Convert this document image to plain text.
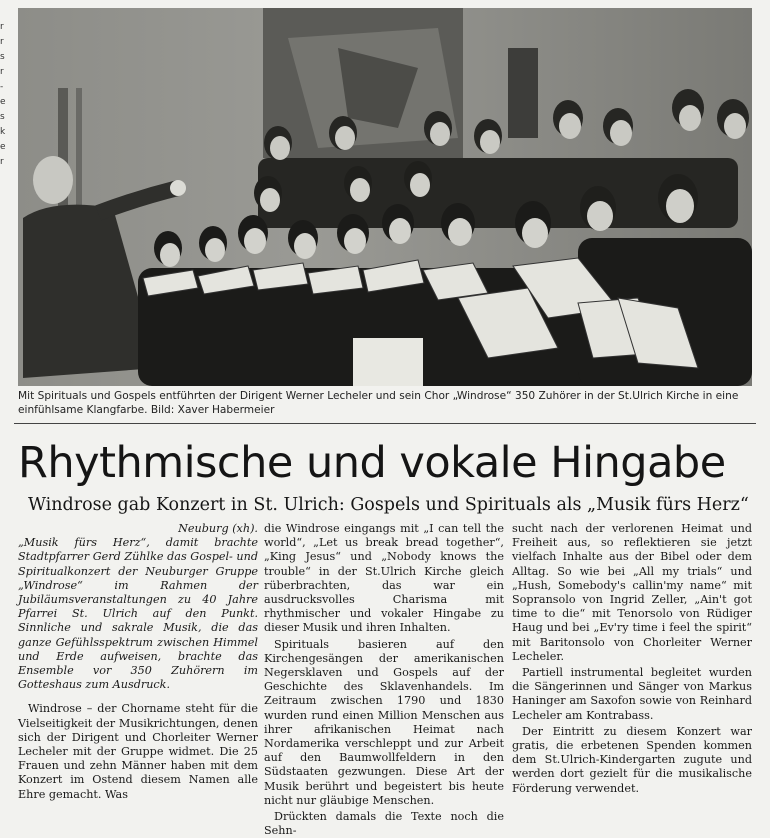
r
r
s
r
-
e
s
k
e
r
Mit Spirituals und Gospels entführten der Dirigent Werner Lecheler und sein Chor „Windrose“ 350 Zuhörer in der St.Ulrich Kirche in eine einfühlsame Klangfarbe. Bild: Xaver Habermeier
Rhythmische und vokale Hingabe
Windrose gab Konzert in St. Ulrich: Gospels und Spirituals als „Musik fürs Herz“

Neuburg (xh).

„Musik fürs Herz“, damit brachte Stadtpfarrer Gerd Zühlke das Gospel- und Spiritualkonzert der Neuburger Gruppe „Windrose“ im Rahmen der Jubiläumsveranstaltungen zu 40 Jahre Pfarrei St. Ulrich auf den Punkt. Sinnliche und sakrale Musik, die das ganze Gefühlsspektrum zwischen Himmel und Erde aufweisen, brachte das Ensemble vor 350 Zuhörern im Gotteshaus zum Ausdruck.

Windrose – der Chorname steht für die Vielseitigkeit der Musikrichtungen, denen sich der Dirigent und Chorleiter Werner Lecheler mit der Gruppe widmet. Die 25 Frauen und zehn Männer haben mit dem Konzert im Ostend diesem Namen alle Ehre gemacht. Was

die Windrose eingangs mit „I can tell the world“, „Let us break bread together“, „King Jesus“ und „Nobody knows the trouble“ in der St.Ulrich Kirche gleich rüberbrachten, das war ein ausdrucksvolles Charisma mit rhythmischer und vokaler Hingabe zu dieser Musik und ihren Inhalten.

Spirituals basieren auf den Kirchengesängen der amerikanischen Negersklaven und Gospels auf der Geschichte des Sklavenhandels. Im Zeitraum zwischen 1790 und 1830 wurden rund einen Million Menschen aus ihrer afrikanischen Heimat nach Nordamerika verschleppt und zur Arbeit auf den Baumwollfeldern in den Südstaaten gezwungen. Diese Art der Musik berührt und begeistert bis heute nicht nur gläubige Menschen.

Drückten damals die Texte noch die Sehn-

sucht nach der verlorenen Heimat und Freiheit aus, so reflektieren sie jetzt vielfach Inhalte aus der Bibel oder dem Alltag. So wie bei „All my trials“ und „Hush, Somebody's callin'my name“ mit Sopransolo von Ingrid Zeller, „Ain't got time to die“ mit Tenorsolo von Rüdiger Haug und bei „Ev'ry time i feel the spirit“ mit Baritonsolo von Chorleiter Werner Lecheler.

Partiell instrumental begleitet wurden die Sängerinnen und Sänger von Markus Haninger am Saxofon sowie von Reinhard Lecheler am Kontrabass.

Der Eintritt zu diesem Konzert war gratis, die erbetenen Spenden kommen dem St.Ulrich-Kindergarten zugute und werden dort gezielt für die musikalische Förderung verwendet.
